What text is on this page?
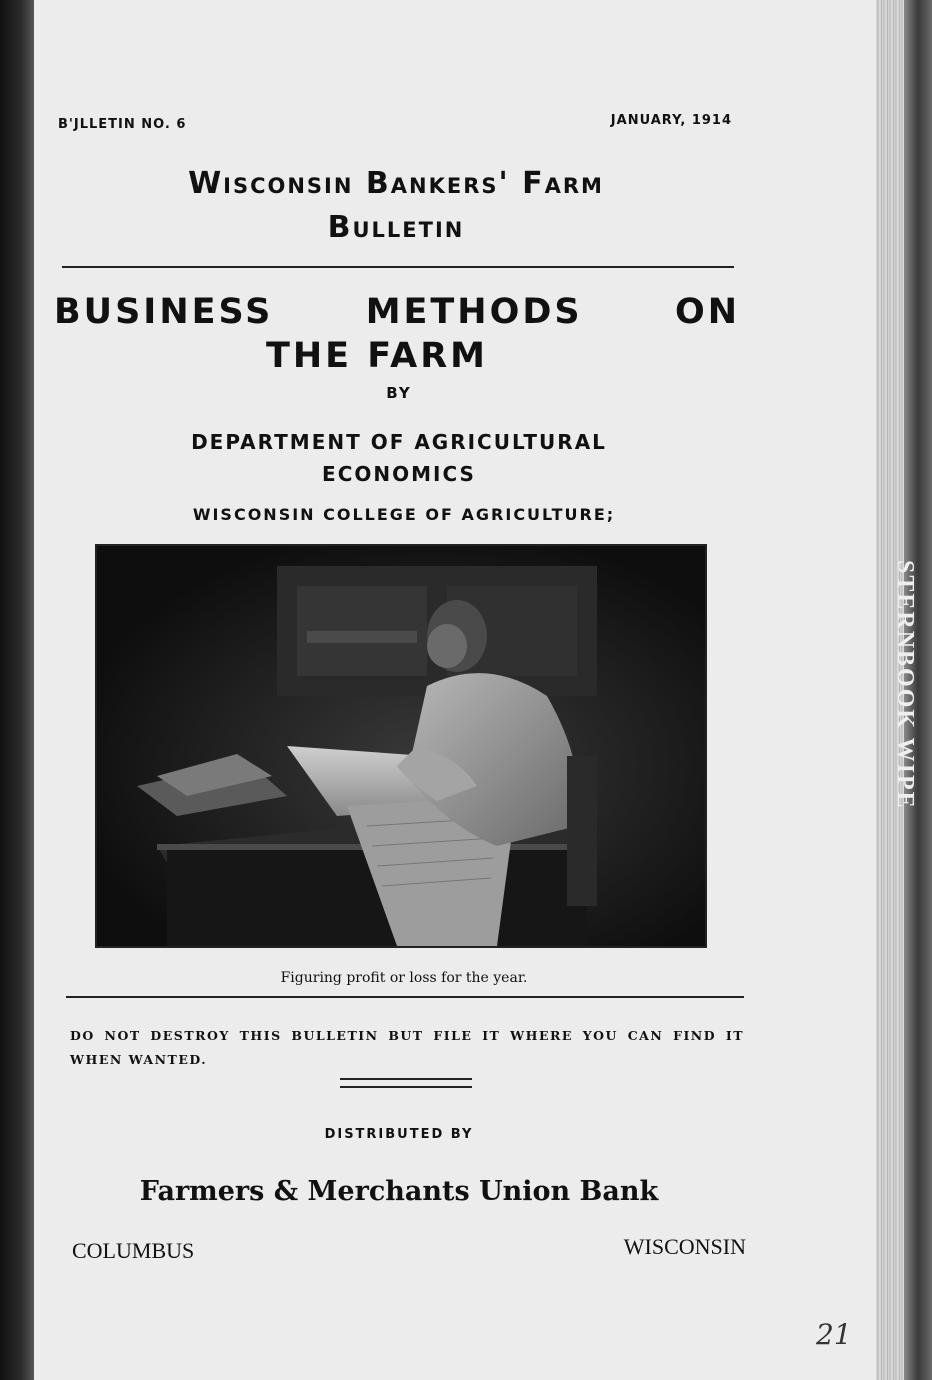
B'JLLETIN NO. 6	JANUARY, 1914
Wisconsin Bankers' Farm
Bulletin
BUSINESS METHODS ON
THE FARM
BY
DEPARTMENT OF AGRICULTURAL
ECONOMICS
WISCONSIN COLLEGE OF AGRICULTURE;
Figuring profit or loss for the year.
DO NOT DESTROY THIS BULLETIN BUT FILE IT WHERE YOU CAN FIND IT WHEN WANTED.
DISTRIBUTED BY
Farmers & Merchants Union Bank
COLUMBUS	WISCONSIN
21
STERNBOOK WIPE
